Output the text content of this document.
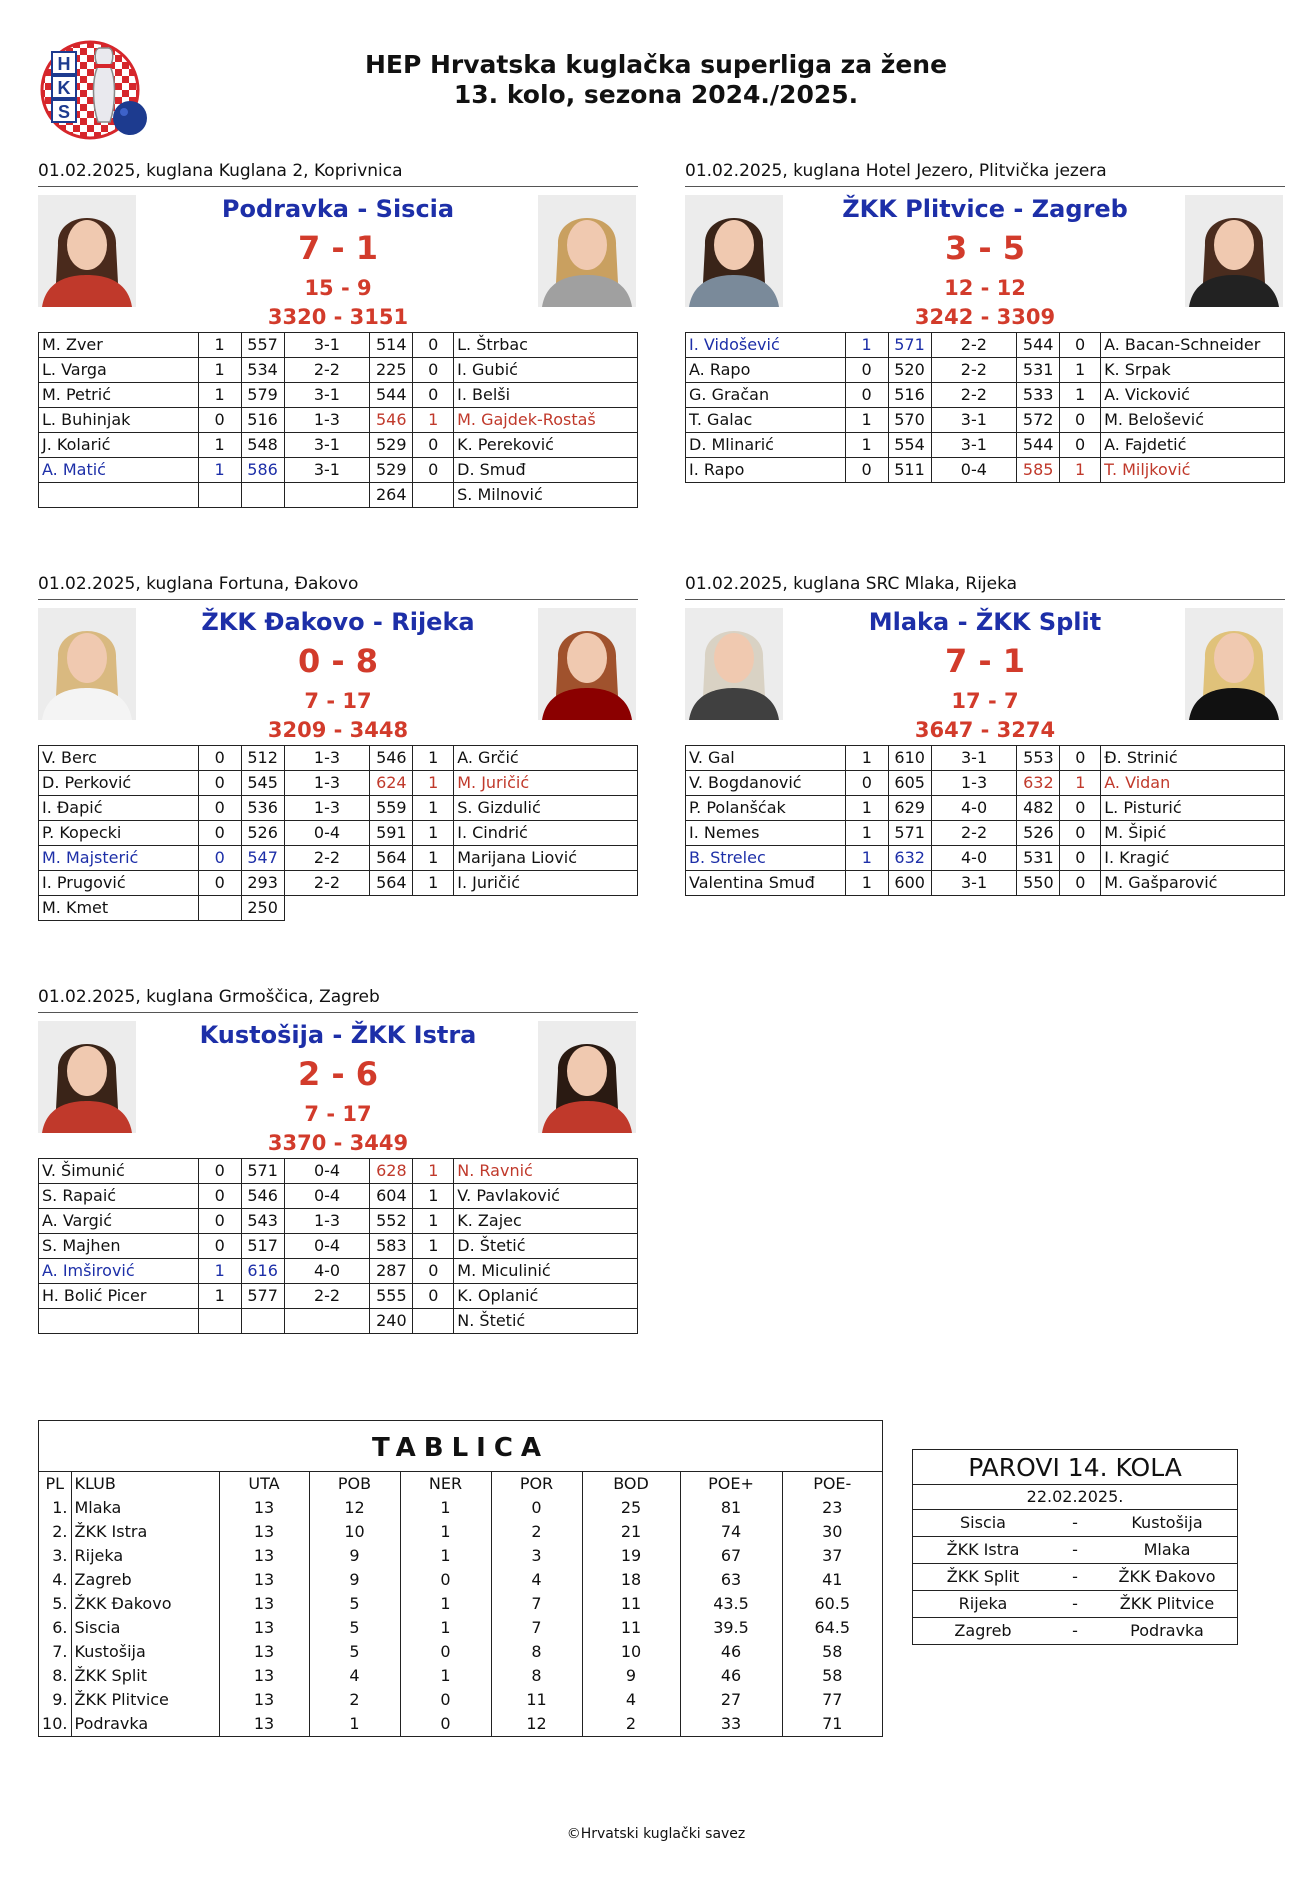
H
K
S
HEP Hrvatska kuglačka superliga za žene
13. kolo, sezona 2024./2025.
01.02.2025, kuglana Kuglana 2, Koprivnica
Podravka - Siscia
7 - 1
15 - 9
3320 - 3151
M. Zver	1	557	3-1	514	0	L. Štrbac
L. Varga	1	534	2-2	225	0	I. Gubić
M. Petrić	1	579	3-1	544	0	I. Belši
L. Buhinjak	0	516	1-3	546	1	M. Gajdek-Rostaš
J. Kolarić	1	548	3-1	529	0	K. Pereković
A. Matić	1	586	3-1	529	0	D. Smuđ
				264		S. Milnović
01.02.2025, kuglana Hotel Jezero, Plitvička jezera
ŽKK Plitvice - Zagreb
3 - 5
12 - 12
3242 - 3309
I. Vidošević	1	571	2-2	544	0	A. Bacan-Schneider
A. Rapo	0	520	2-2	531	1	K. Srpak
G. Gračan	0	516	2-2	533	1	A. Vicković
T. Galac	1	570	3-1	572	0	M. Belošević
D. Mlinarić	1	554	3-1	544	0	A. Fajdetić
I. Rapo	0	511	0-4	585	1	T. Miljković
01.02.2025, kuglana Fortuna, Đakovo
ŽKK Đakovo - Rijeka
0 - 8
7 - 17
3209 - 3448
V. Berc	0	512	1-3	546	1	A. Grčić
D. Perković	0	545	1-3	624	1	M. Juričić
I. Đapić	0	536	1-3	559	1	S. Gizdulić
P. Kopecki	0	526	0-4	591	1	I. Cindrić
M. Majsterić	0	547	2-2	564	1	Marijana Liović
I. Prugović	0	293	2-2	564	1	I. Juričić
M. Kmet		250				
01.02.2025, kuglana SRC Mlaka, Rijeka
Mlaka - ŽKK Split
7 - 1
17 - 7
3647 - 3274
V. Gal	1	610	3-1	553	0	Đ. Strinić
V. Bogdanović	0	605	1-3	632	1	A. Vidan
P. Polanšćak	1	629	4-0	482	0	L. Pisturić
I. Nemes	1	571	2-2	526	0	M. Šipić
B. Strelec	1	632	4-0	531	0	I. Kragić
Valentina Smuđ	1	600	3-1	550	0	M. Gašparović
01.02.2025, kuglana Grmoščica, Zagreb
Kustošija - ŽKK Istra
2 - 6
7 - 17
3370 - 3449
V. Šimunić	0	571	0-4	628	1	N. Ravnić
S. Rapaić	0	546	0-4	604	1	V. Pavlaković
A. Vargić	0	543	1-3	552	1	K. Zajec
S. Majhen	0	517	0-4	583	1	D. Štetić
A. Imširović	1	616	4-0	287	0	M. Miculinić
H. Bolić Picer	1	577	2-2	555	0	K. Oplanić
				240		N. Štetić
TABLICA
PL	KLUB	UTA	POB	NER	POR	BOD	POE+	POE-
1.	Mlaka	13	12	1	0	25	81	23
2.	ŽKK Istra	13	10	1	2	21	74	30
3.	Rijeka	13	9	1	3	19	67	37
4.	Zagreb	13	9	0	4	18	63	41
5.	ŽKK Đakovo	13	5	1	7	11	43.5	60.5
6.	Siscia	13	5	1	7	11	39.5	64.5
7.	Kustošija	13	5	0	8	10	46	58
8.	ŽKK Split	13	4	1	8	9	46	58
9.	ŽKK Plitvice	13	2	0	11	4	27	77
10.	Podravka	13	1	0	12	2	33	71
PAROVI 14. KOLA
22.02.2025.
Siscia	-	Kustošija
ŽKK Istra	-	Mlaka
ŽKK Split	-	ŽKK Đakovo
Rijeka	-	ŽKK Plitvice
Zagreb	-	Podravka
©Hrvatski kuglački savez
